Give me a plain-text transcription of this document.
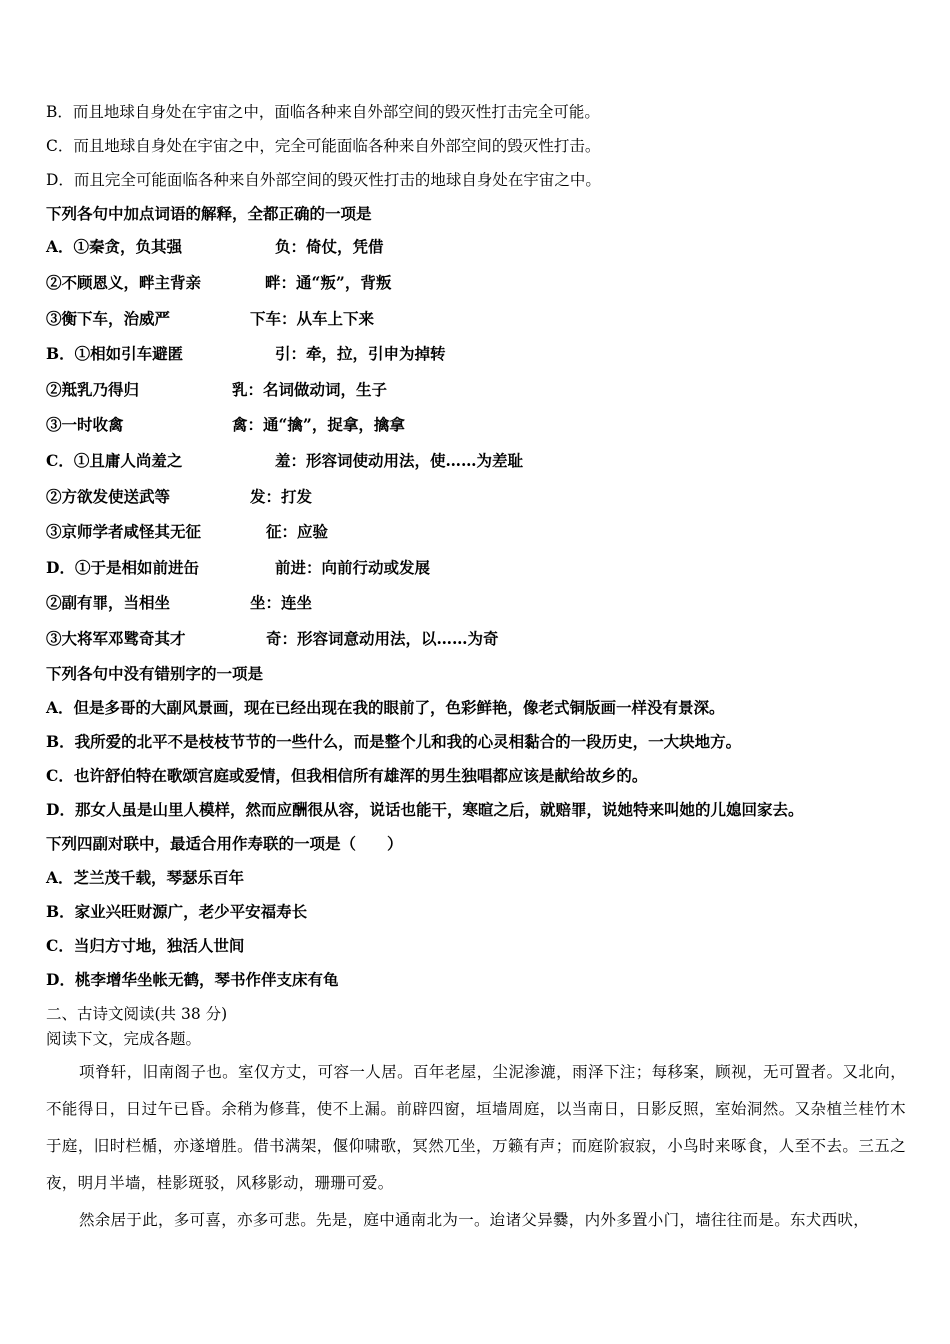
B．而且地球自身处在宇宙之中，面临各种来自外部空间的毁灭性打击完全可能。
C．而且地球自身处在宇宙之中，完全可能面临各种来自外部空间的毁灭性打击。
D．而且完全可能面临各种来自外部空间的毁灭性打击的地球自身处在宇宙之中。
下列各句中加点词语的解释，全都正确的一项是
A．①秦贪，负其强	负：倚仗，凭借
②不顾恩义，畔主背亲	畔：通“叛”，背叛
③衡下车，治威严	下车：从车上下来
B．①相如引车避匿	引：牵，拉，引申为掉转
②羝乳乃得归	乳：名词做动词，生子
③一时收禽	禽：通“擒”，捉拿，擒拿
C．①且庸人尚羞之	羞：形容词使动用法，使……为差耻
②方欲发使送武等	发：打发
③京师学者咸怪其无征	征：应验
D．①于是相如前进缶	前进：向前行动或发展
②副有罪，当相坐	坐：连坐
③大将军邓骘奇其才	奇：形容词意动用法，以……为奇
下列各句中没有错别字的一项是
A．但是多哥的大副风景画，现在已经出现在我的眼前了，色彩鲜艳，像老式铜版画一样没有景深。
B．我所爱的北平不是枝枝节节的一些什么，而是整个儿和我的心灵相黏合的一段历史，一大块地方。
C．也许舒伯特在歌颂宫庭或爱情，但我相信所有雄浑的男生独唱都应该是献给故乡的。
D．那女人虽是山里人模样，然而应酬很从容，说话也能干，寒暄之后，就赔罪，说她特来叫她的儿媳回家去。
下列四副对联中，最适合用作寿联的一项是（　　）
A．芝兰茂千载，琴瑟乐百年
B．家业兴旺财源广，老少平安福寿长
C．当归方寸地，独活人世间
D．桃李增华坐帐无鹤，琴书作伴支床有龟
二、古诗文阅读(共 38 分)
阅读下文，完成各题。
项脊轩，旧南阁子也。室仅方丈，可容一人居。百年老屋，尘泥渗漉，雨泽下注；每移案，顾视，无可置者。又北向，不能得日，日过午已昏。余稍为修葺，使不上漏。前辟四窗，垣墙周庭，以当南日，日影反照，室始洞然。又杂植兰桂竹木于庭，旧时栏楯，亦遂增胜。借书满架，偃仰啸歌，冥然兀坐，万籁有声；而庭阶寂寂，小鸟时来啄食，人至不去。三五之夜，明月半墙，桂影斑驳，风移影动，珊珊可爱。
然余居于此，多可喜，亦多可悲。先是，庭中通南北为一。迨诸父异爨，内外多置小门，墙往往而是。东犬西吠，
